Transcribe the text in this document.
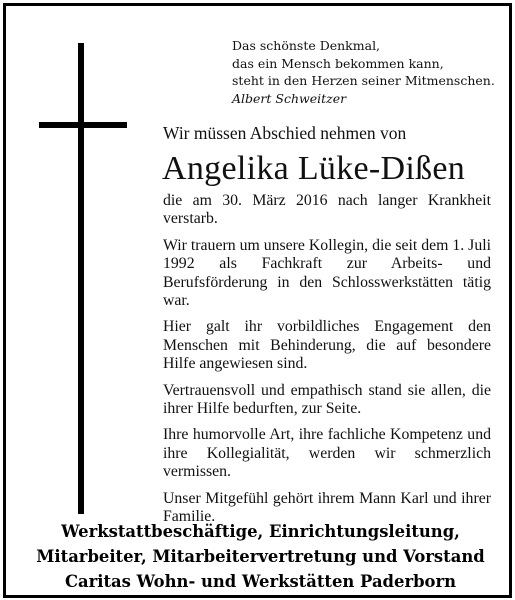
Das schönste Denkmal,
das ein Mensch bekommen kann,
steht in den Herzen seiner Mitmenschen.
Albert Schweitzer
Wir müssen Abschied nehmen von
Angelika Lüke-Dißen

die am 30. März 2016 nach langer Krankheit verstarb.

Wir trauern um unsere Kollegin, die seit dem 1. Juli 1992 als Fachkraft zur Arbeits- und Berufsförderung in den Schlosswerkstätten tätig war.

Hier galt ihr vorbildliches Engagement den Menschen mit Behinderung, die auf besondere Hilfe angewiesen sind.

Vertrauensvoll und empathisch stand sie allen, die ihrer Hilfe bedurften, zur Seite.

Ihre humorvolle Art, ihre fachliche Kompetenz und ihre Kollegialität, werden wir schmerzlich vermissen.

Unser Mitgefühl gehört ihrem Mann Karl und ihrer Familie.

Werkstattbeschäftige, Einrichtungsleitung,
Mitarbeiter, Mitarbeitervertretung und Vorstand
Caritas Wohn- und Werkstätten Paderborn
